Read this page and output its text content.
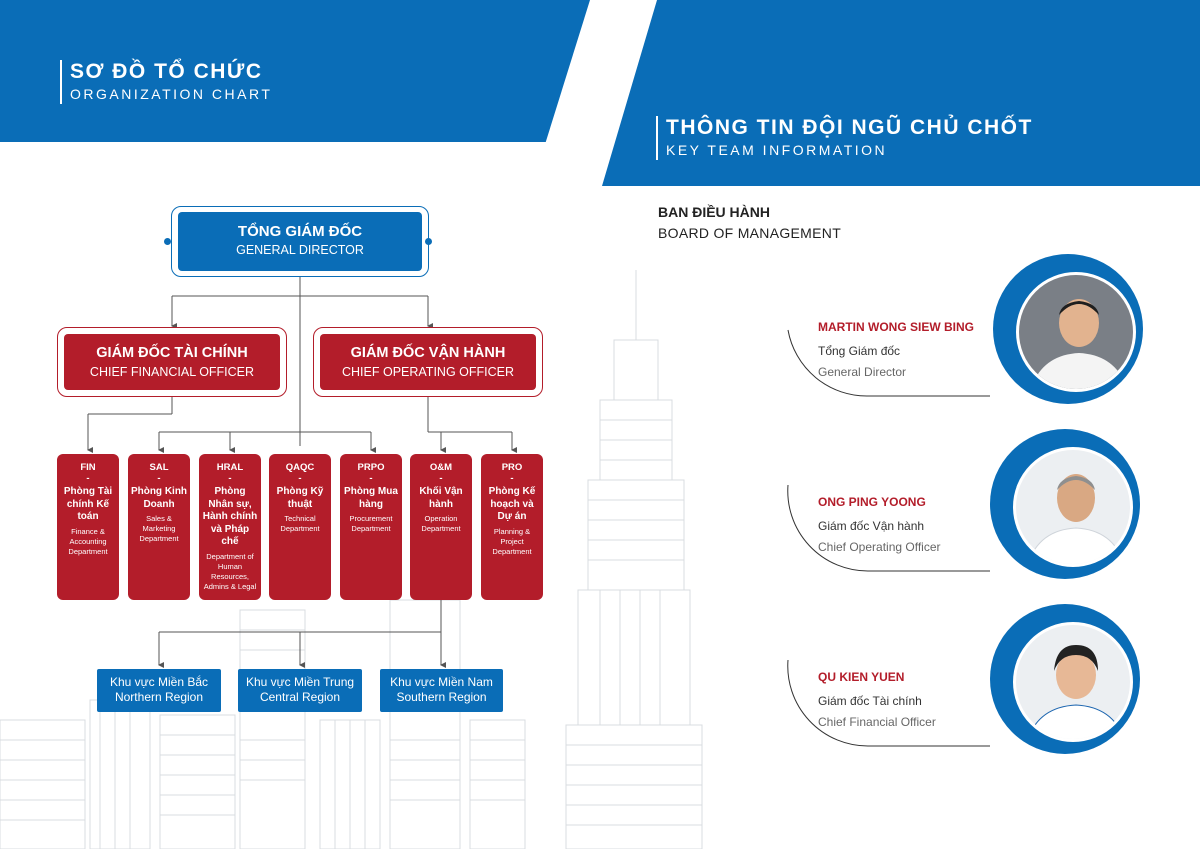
SƠ ĐỒ TỔ CHỨC
ORGANIZATION CHART
THÔNG TIN ĐỘI NGŨ CHỦ CHỐT
KEY TEAM INFORMATION
TỔNG GIÁM ĐỐC
GENERAL DIRECTOR
GIÁM ĐỐC TÀI CHÍNH
CHIEF FINANCIAL OFFICER
GIÁM ĐỐC VẬN HÀNH
CHIEF OPERATING OFFICER
FIN
-
Phòng Tài chính Kế toán
Finance & Accounting Department
SAL
-
Phòng Kinh Doanh
Sales & Marketing Department
HRAL
-
Phòng Nhân sự, Hành chính và Pháp chế
Department of Human Resources, Admins & Legal
QAQC
-
Phòng Kỹ thuật
Technical Department
PRPO
-
Phòng Mua hàng
Procurement Department
O&M
-
Khối Vận hành
Operation Department
PRO
-
Phòng Kế hoạch và Dự án
Planning & Project Department
Khu vực Miền Bắc
Northern Region
Khu vực Miền Trung
Central Region
Khu vực Miền Nam
Southern Region
BAN ĐIỀU HÀNH
BOARD OF MANAGEMENT
MARTIN WONG SIEW BING
Tổng Giám đốc
General Director
ONG PING YOONG
Giám đốc Vận hành
Chief Operating Officer
QU KIEN YUEN
Giám đốc Tài chính
Chief Financial Officer
